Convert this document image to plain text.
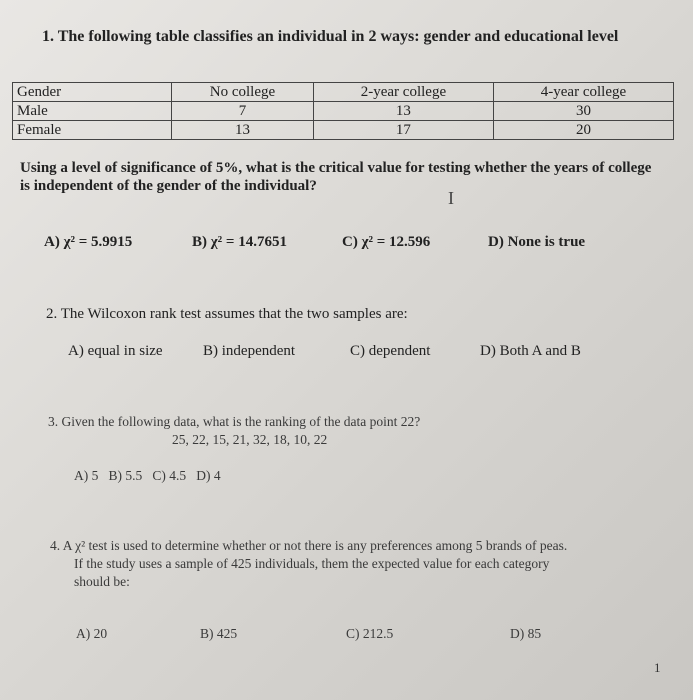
1. The following table classifies an individual in 2 ways: gender and educational level
Gender	No college	2-year college	4-year college
Male	7	13	30
Female	13	17	20
Using a level of significance of 5%, what is the critical value for testing whether the years of college
is independent of the gender of the individual?
I
A) χ² = 5.9915	B) χ² = 14.7651	C) χ² = 12.596	D) None is true
2. The Wilcoxon rank test assumes that the two samples are:
A) equal in size	B) independent	C) dependent	D) Both A and B
3. Given the following data, what is the ranking of the data point 22?
25, 22, 15, 21, 32, 18, 10, 22
A) 5   B) 5.5   C) 4.5   D) 4
4. A χ² test is used to determine whether or not there is any preferences among 5 brands of peas.
If the study uses a sample of 425 individuals, them the expected value for each category
should be:
A) 20	B) 425	C) 212.5	D) 85
1
